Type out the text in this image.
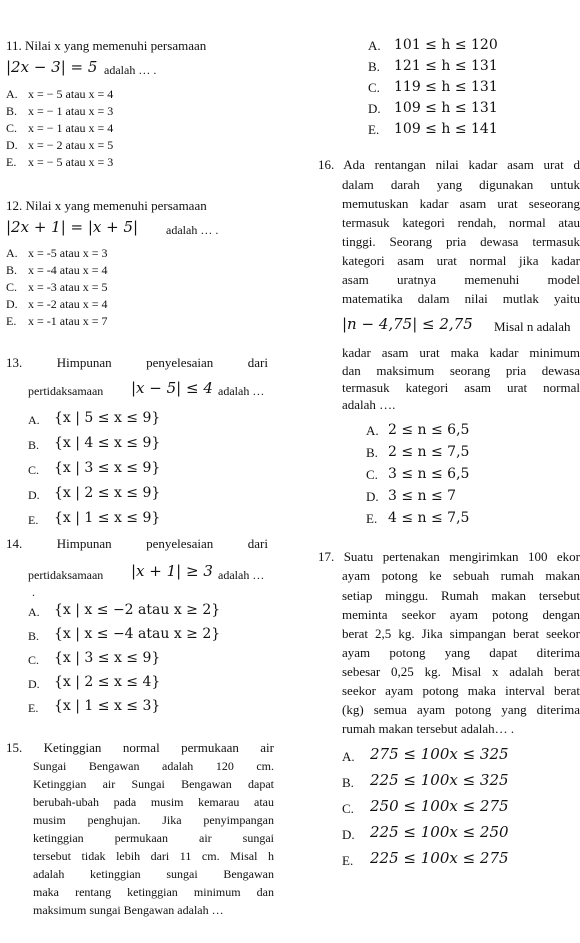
11. Nilai x yang memenuhi persamaan
|2x − 3| = 5 adalah … .
A. x = − 5 atau x = 4
B. x = − 1 atau x = 3
C. x = − 1 atau x = 4
D. x = − 2 atau x = 5
E. x = − 5 atau x = 3
12. Nilai x yang memenuhi persamaan
|2x + 1| = |x + 5| adalah … .
A. x = -5 atau x = 3
B. x = -4 atau x = 4
C. x = -3 atau x = 5
D. x = -2 atau x = 4
E. x = -1 atau x = 7
13. Himpunan penyelesaian dari
pertidaksamaan |x − 5| ≤ 4 adalah …
A. {x | 5 ≤ x ≤ 9}
B. {x | 4 ≤ x ≤ 9}
C. {x | 3 ≤ x ≤ 9}
D. {x | 2 ≤ x ≤ 9}
E. {x | 1 ≤ x ≤ 9}
14. Himpunan penyelesaian dari
pertidaksamaan |x + 1| ≥ 3 adalah …
.
A. {x | x ≤ −2 atau x ≥ 2}
B. {x | x ≤ −4 atau x ≥ 2}
C. {x | 3 ≤ x ≤ 9}
D. {x | 2 ≤ x ≤ 4}
E. {x | 1 ≤ x ≤ 3}
15. Ketinggian normal permukaan air
Sungai Bengawan adalah 120 cm.
Ketinggian air Sungai Bengawan dapat
berubah-ubah pada musim kemarau atau
musim penghujan. Jika penyimpangan
ketinggian permukaan air sungai
tersebut tidak lebih dari 11 cm. Misal h
adalah ketinggian sungai Bengawan
maka rentang ketinggian minimum dan
maksimum sungai Bengawan adalah …
A. 101 ≤ h ≤ 120
B. 121 ≤ h ≤ 131
C. 119 ≤ h ≤ 131
D. 109 ≤ h ≤ 131
E. 109 ≤ h ≤ 141
16. Ada rentangan nilai kadar asam urat d
dalam darah yang digunakan untuk
memutuskan kadar asam urat seseorang
termasuk kategori rendah, normal atau
tinggi. Seorang pria dewasa termasuk
kategori asam urat normal jika kadar
asam uratnya memenuhi model
matematika dalam nilai mutlak yaitu
|n − 4,75| ≤ 2,75 Misal n adalah
kadar asam urat maka kadar minimum
dan maksimum seorang pria dewasa
termasuk kategori asam urat normal
adalah ….
A. 2 ≤ n ≤ 6,5
B. 2 ≤ n ≤ 7,5
C. 3 ≤ n ≤ 6,5
D. 3 ≤ n ≤ 7
E. 4 ≤ n ≤ 7,5
17. Suatu pertenakan mengirimkan 100 ekor
ayam potong ke sebuah rumah makan
setiap minggu. Rumah makan tersebut
meminta seekor ayam potong dengan
berat 2,5 kg. Jika simpangan berat seekor
ayam potong yang dapat diterima
sebesar 0,25 kg. Misal x adalah berat
seekor ayam potong maka interval berat
(kg) semua ayam potong yang diterima
rumah makan tersebut adalah… .
A. 275 ≤ 100x ≤ 325
B. 225 ≤ 100x ≤ 325
C. 250 ≤ 100x ≤ 275
D. 225 ≤ 100x ≤ 250
E. 225 ≤ 100x ≤ 275
